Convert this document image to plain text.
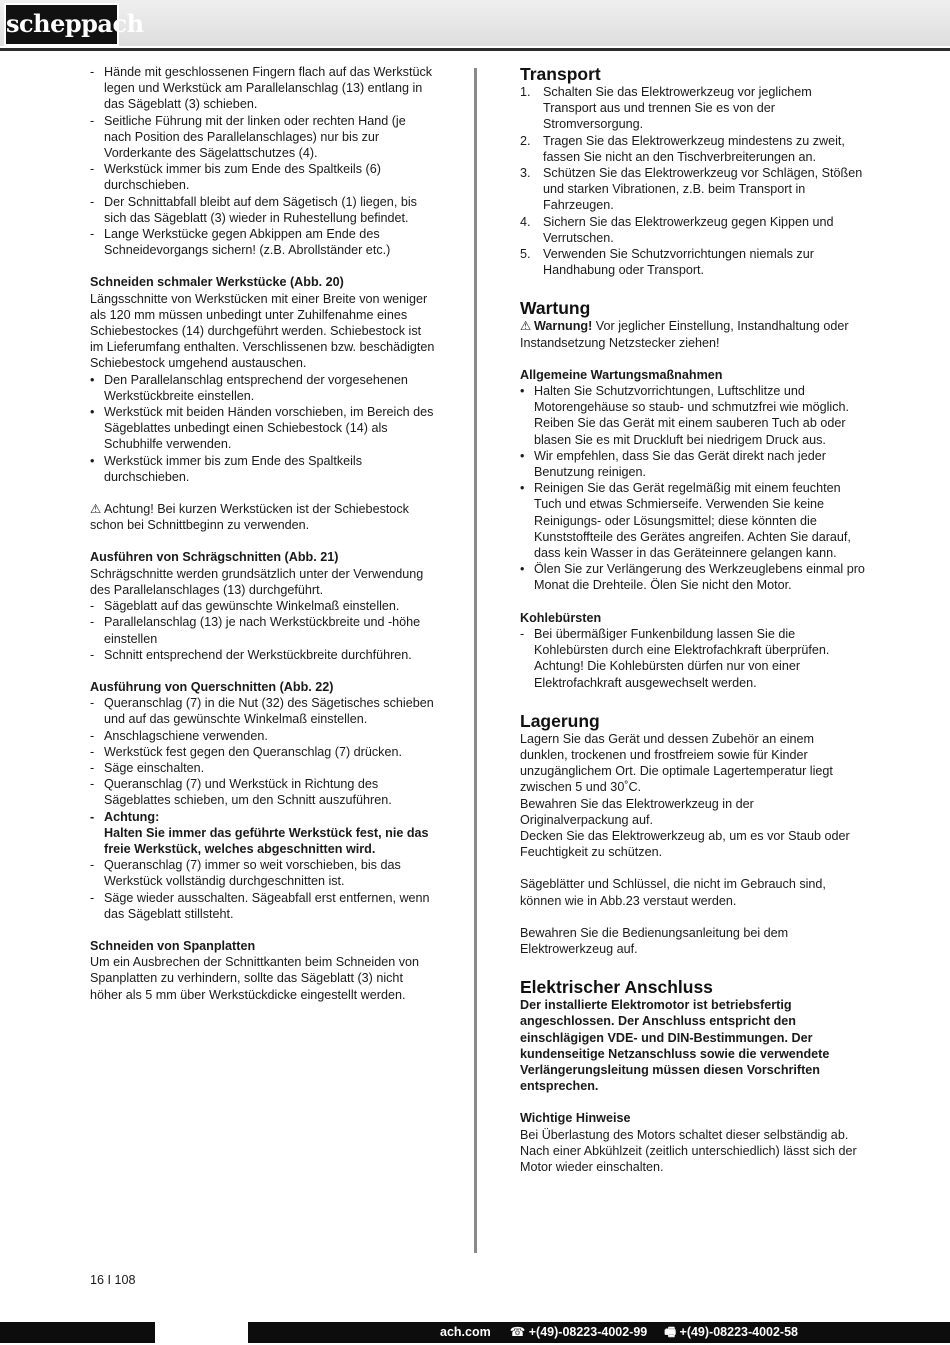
scheppach
- Hände mit geschlossenen Fingern flach auf das Werkstück legen und Werkstück am Parallelanschlag (13) entlang in das Sägeblatt (3) schieben.
- Seitliche Führung mit der linken oder rechten Hand (je nach Position des Parallelanschlages) nur bis zur Vorderkante des Sägelattschutzes (4).
- Werkstück immer bis zum Ende des Spaltkeils (6) durchschieben.
- Der Schnittabfall bleibt auf dem Sägetisch (1) liegen, bis sich das Sägeblatt (3) wieder in Ruhestellung befindet.
- Lange Werkstücke gegen Abkippen am Ende des Schneidevorgangs sichern! (z.B. Abrollständer etc.)

Schneiden schmaler Werkstücke (Abb. 20)

Längsschnitte von Werkstücken mit einer Breite von weniger als 120 mm müssen unbedingt unter Zuhilfenahme eines Schiebestockes (14) durchgeführt werden. Schiebestock ist im Lieferumfang enthalten. Verschlissenen bzw. beschädigten Schiebestock umgehend austauschen.

• Den Parallelanschlag entsprechend der vorgesehenen Werkstückbreite einstellen.
• Werkstück mit beiden Händen vorschieben, im Bereich des Sägeblattes unbedingt einen Schiebestock (14) als Schubhilfe verwenden.
• Werkstück immer bis zum Ende des Spaltkeils durchschieben.

⚠ Achtung! Bei kurzen Werkstücken ist der Schiebestock schon bei Schnittbeginn zu verwenden.

Ausführen von Schrägschnitten (Abb. 21)

Schrägschnitte werden grundsätzlich unter der Verwendung des Parallelanschlages (13) durchgeführt.

- Sägeblatt auf das gewünschte Winkelmaß einstellen.
- Parallelanschlag (13) je nach Werkstückbreite und -höhe einstellen
- Schnitt entsprechend der Werkstückbreite durchführen.

Ausführung von Querschnitten (Abb. 22)

- Queranschlag (7) in die Nut (32) des Sägetisches schieben und auf das gewünschte Winkelmaß einstellen.
- Anschlagschiene verwenden.
- Werkstück fest gegen den Queranschlag (7) drücken.
- Säge einschalten.
- Queranschlag (7) und Werkstück in Richtung des Sägeblattes schieben, um den Schnitt auszuführen.
- Achtung:
Halten Sie immer das geführte Werkstück fest, nie das freie Werkstück, welches abgeschnitten wird.
- Queranschlag (7) immer so weit vorschieben, bis das Werkstück vollständig durchgeschnitten ist.
- Säge wieder ausschalten. Sägeabfall erst entfernen, wenn das Sägeblatt stillsteht.

Schneiden von Spanplatten

Um ein Ausbrechen der Schnittkanten beim Schneiden von Spanplatten zu verhindern, sollte das Sägeblatt (3) nicht höher als 5 mm über Werkstückdicke eingestellt werden.

Transport

1. Schalten Sie das Elektrowerkzeug vor jeglichem Transport aus und trennen Sie es von der Stromversorgung.
2. Tragen Sie das Elektrowerkzeug mindestens zu zweit, fassen Sie nicht an den Tischverbreiterungen an.
3. Schützen Sie das Elektrowerkzeug vor Schlägen, Stößen und starken Vibrationen, z.B. beim Transport in Fahrzeugen.
4. Sichern Sie das Elektrowerkzeug gegen Kippen und Verrutschen.
5. Verwenden Sie Schutzvorrichtungen niemals zur Handhabung oder Transport.

Wartung

⚠ Warnung! Vor jeglicher Einstellung, Instandhaltung oder Instandsetzung Netzstecker ziehen!

Allgemeine Wartungsmaßnahmen

• Halten Sie Schutzvorrichtungen, Luftschlitze und Motorengehäuse so staub- und schmutzfrei wie möglich. Reiben Sie das Gerät mit einem sauberen Tuch ab oder blasen Sie es mit Druckluft bei niedrigem Druck aus.
• Wir empfehlen, dass Sie das Gerät direkt nach jeder Benutzung reinigen.
• Reinigen Sie das Gerät regelmäßig mit einem feuchten Tuch und etwas Schmierseife. Verwenden Sie keine Reinigungs- oder Lösungsmittel; diese könnten die Kunststoffteile des Gerätes angreifen. Achten Sie darauf, dass kein Wasser in das Geräteinnere gelangen kann.
• Ölen Sie zur Verlängerung des Werkzeuglebens einmal pro Monat die Drehteile. Ölen Sie nicht den Motor.

Kohlebürsten

- Bei übermäßiger Funkenbildung lassen Sie die Kohlebürsten durch eine Elektrofachkraft überprüfen. Achtung! Die Kohlebürsten dürfen nur von einer Elektrofachkraft ausgewechselt werden.

Lagerung

Lagern Sie das Gerät und dessen Zubehör an einem dunklen, trockenen und frostfreiem sowie für Kinder unzugänglichem Ort. Die optimale Lagertemperatur liegt zwischen 5 und 30˚C.

Bewahren Sie das Elektrowerkzeug in der Originalverpackung auf.

Decken Sie das Elektrowerkzeug ab, um es vor Staub oder Feuchtigkeit zu schützen.

Sägeblätter und Schlüssel, die nicht im Gebrauch sind, können wie in Abb.23 verstaut werden.

Bewahren Sie die Bedienungsanleitung bei dem Elektrowerkzeug auf.

Elektrischer Anschluss

Der installierte Elektromotor ist betriebsfertig angeschlossen. Der Anschluss entspricht den einschlägigen VDE- und DIN-Bestimmungen. Der kundenseitige Netzanschluss sowie die verwendete Verlängerungsleitung müssen diesen Vorschriften entsprechen.

Wichtige Hinweise

Bei Überlastung des Motors schaltet dieser selbständig ab. Nach einer Abkühlzeit (zeitlich unterschiedlich) lässt sich der Motor wieder einschalten.

16 I 108
ach.com ☎ +(49)-08223-4002-99 🖷 +(49)-08223-4002-58
